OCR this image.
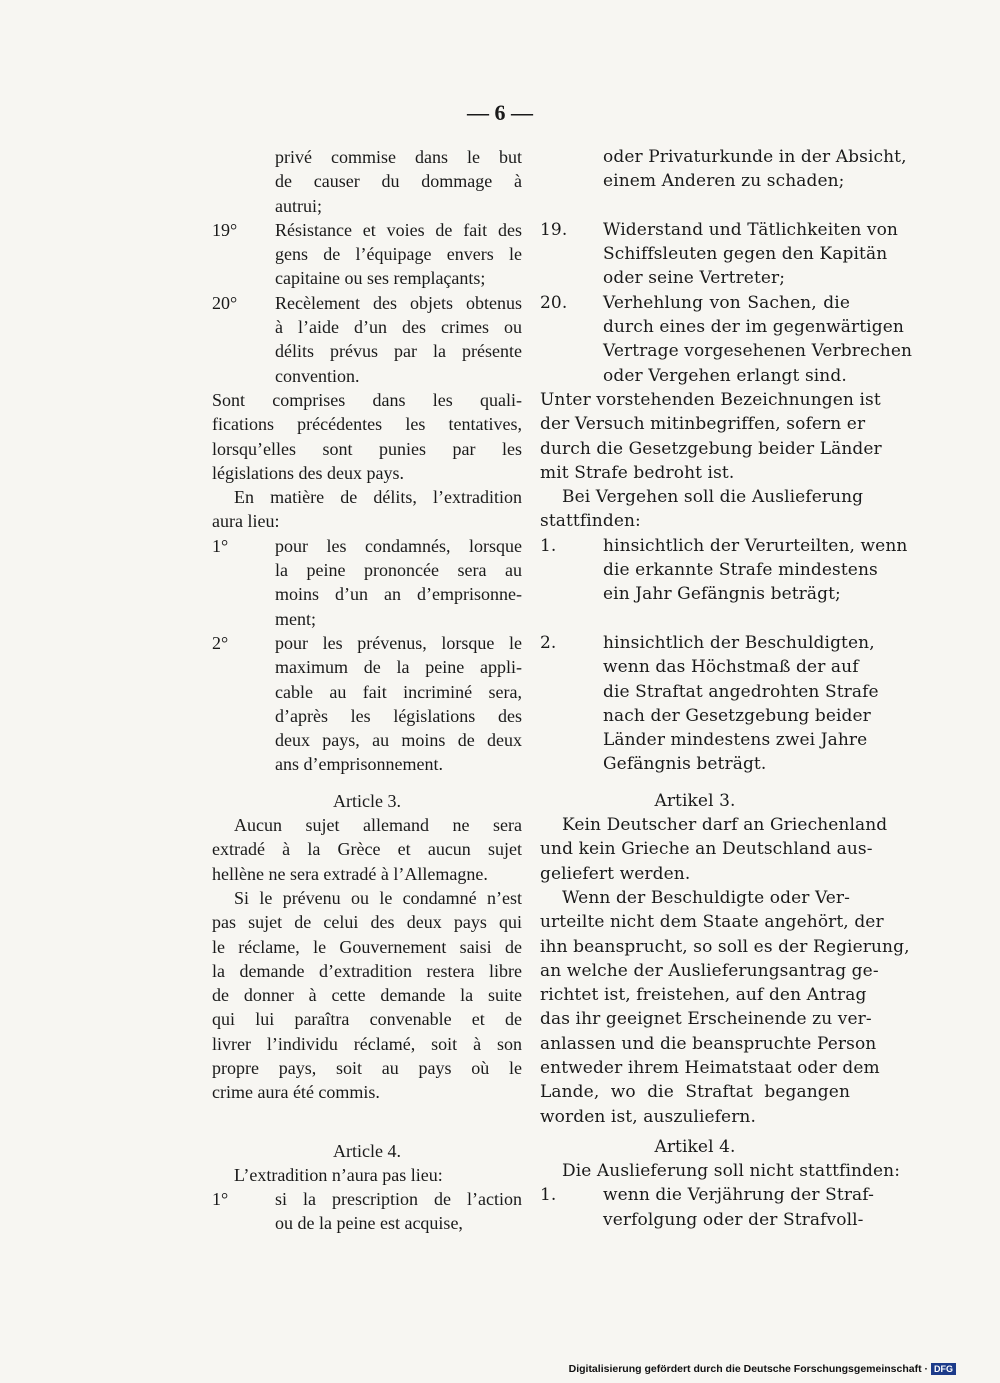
— 6 —
privé commise dans le but
de causer du dommage à
autrui;
19° Résistance et voies de fait des
gens de l’équipage envers le
capitaine ou ses remplaçants;
20° Recèlement des objets obtenus
à l’aide d’un des crimes ou
délits prévus par la présente
convention.
Sont comprises dans les quali-
fications précédentes les tentatives,
lorsqu’elles sont punies par les
législations des deux pays.
En matière de délits, l’extradition
aura lieu:
1°	pour les condamnés, lorsque
la peine prononcée sera au
moins d’un an d’emprisonne-
ment;
2°	pour les prévenus, lorsque le
maximum de la peine appli-
cable au fait incriminé sera,
d’après les législations des
deux pays, au moins de deux
ans d’emprisonnement.
Article 3.
Aucun sujet allemand ne sera
extradé à la Grèce et aucun sujet
hellène ne sera extradé à l’Allemagne.
Si le prévenu ou le condamné n’est
pas sujet de celui des deux pays qui
le réclame, le Gouvernement saisi de
la demande d’extradition restera libre
de donner à cette demande la suite
qui lui paraîtra convenable et de
livrer l’individu réclamé, soit à son
propre pays, soit au pays où le
crime aura été commis.
Article 4.
L’extradition n’aura pas lieu:
1°	si la prescription de l’action
ou de la peine est acquise,
oder Privaturkunde in der Absicht,
einem Anderen zu schaden;
19. Widerstand und Tätlichkeiten von
Schiffsleuten gegen den Kapitän
oder seine Vertreter;
20. Verhehlung von Sachen, die
durch eines der im gegenwärtigen
Vertrage vorgesehenen Verbrechen
oder Vergehen erlangt sind.
Unter vorstehenden Bezeichnungen ist
der Versuch mitinbegriffen, sofern er
durch die Gesetzgebung beider Länder
mit Strafe bedroht ist.
Bei Vergehen soll die Auslieferung
stattfinden:
1.	hinsichtlich der Verurteilten, wenn
die erkannte Strafe mindestens
ein Jahr Gefängnis beträgt;
2.	hinsichtlich der Beschuldigten,
wenn das Höchstmaß der auf
die Straftat angedrohten Strafe
nach der Gesetzgebung beider
Länder mindestens zwei Jahre
Gefängnis beträgt.
Artikel 3.
Kein Deutscher darf an Griechenland
und kein Grieche an Deutschland aus-
geliefert werden.
Wenn der Beschuldigte oder Ver-
urteilte nicht dem Staate angehört, der
ihn beansprucht, so soll es der Regierung,
an welche der Auslieferungsantrag ge-
richtet ist, freistehen, auf den Antrag
das ihr geeignet Erscheinende zu ver-
anlassen und die beanspruchte Person
entweder ihrem Heimatstaat oder dem
Lande, wo die Straftat begangen
worden ist, auszuliefern.
Artikel 4.
Die Auslieferung soll nicht stattfinden:
1.	wenn die Verjährung der Straf-
verfolgung oder der Strafvoll-
Digitalisierung gefördert durch die Deutsche Forschungsgemeinschaft · DFG
